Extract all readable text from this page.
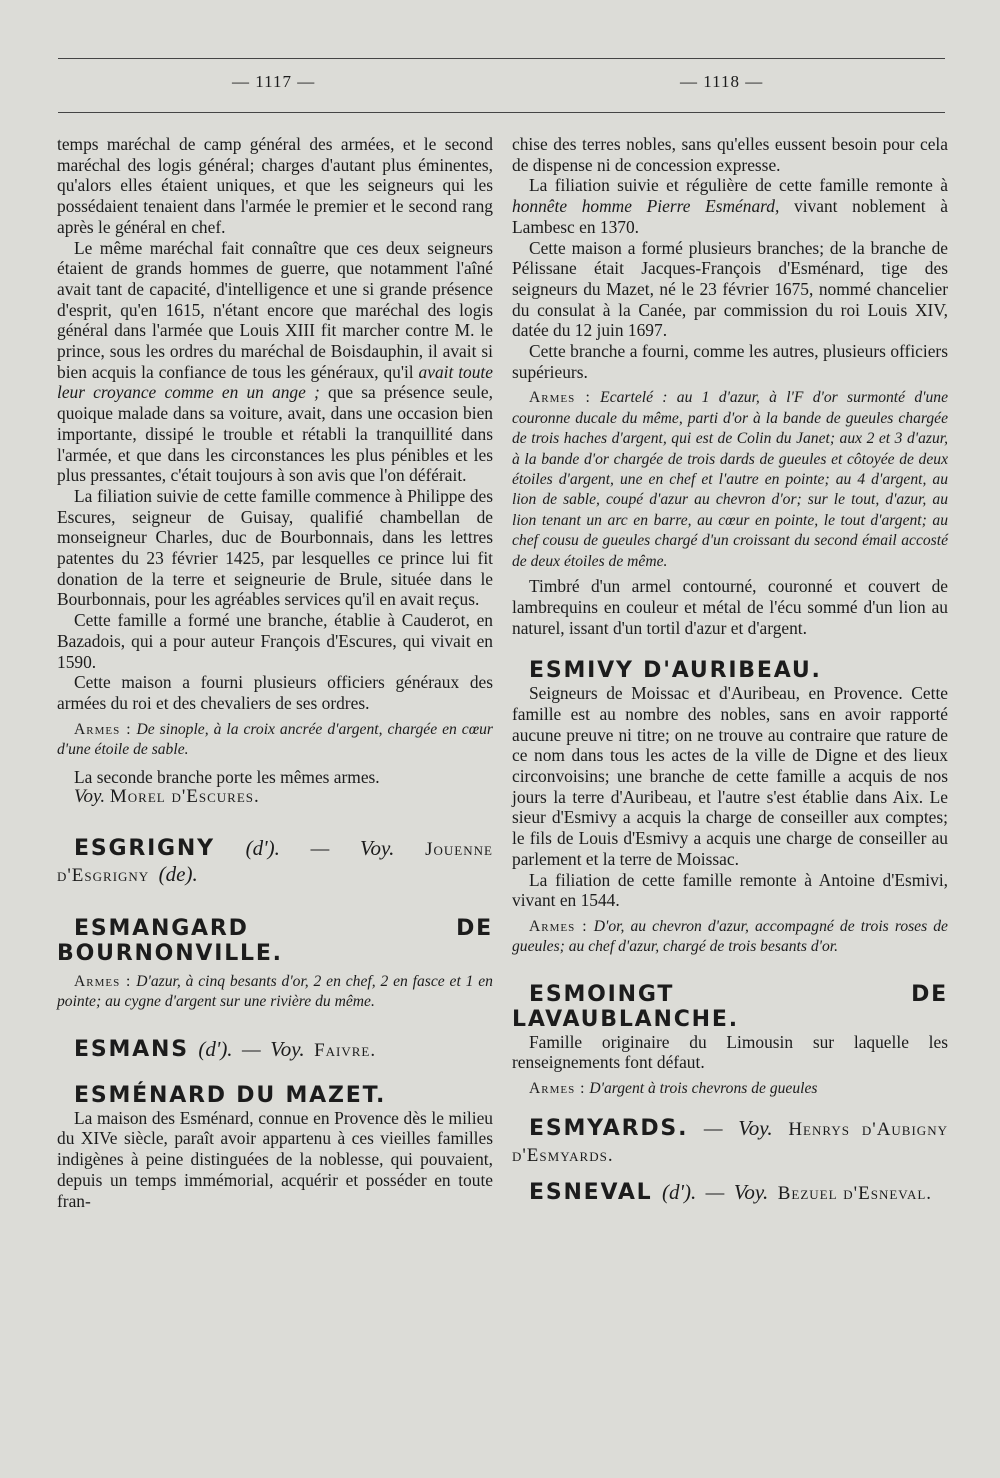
— 1117 —	— 1118 —

temps maréchal de camp général des armées, et le second maréchal des logis général; charges d'autant plus éminentes, qu'alors elles étaient uniques, et que les seigneurs qui les possédaient tenaient dans l'armée le premier et le second rang après le général en chef.

Le même maréchal fait connaître que ces deux seigneurs étaient de grands hommes de guerre, que notamment l'aîné avait tant de capacité, d'intelligence et une si grande présence d'esprit, qu'en 1615, n'étant encore que maréchal des logis général dans l'armée que Louis XIII fit marcher contre M. le prince, sous les ordres du maréchal de Boisdauphin, il avait si bien acquis la confiance de tous les généraux, qu'il avait toute leur croyance comme en un ange ; que sa présence seule, quoique malade dans sa voiture, avait, dans une occasion bien importante, dissipé le trouble et rétabli la tranquillité dans l'armée, et que dans les circonstances les plus pénibles et les plus pressantes, c'était toujours à son avis que l'on déférait.

La filiation suivie de cette famille commence à Philippe des Escures, seigneur de Guisay, qualifié chambellan de monseigneur Charles, duc de Bourbonnais, dans les lettres patentes du 23 février 1425, par lesquelles ce prince lui fit donation de la terre et seigneurie de Brule, située dans le Bourbonnais, pour les agréables services qu'il en avait reçus.

Cette famille a formé une branche, établie à Cauderot, en Bazadois, qui a pour auteur François d'Escures, qui vivait en 1590.

Cette maison a fourni plusieurs officiers généraux des armées du roi et des chevaliers de ses ordres.

Armes : De sinople, à la croix ancrée d'argent, chargée en cœur d'une étoile de sable.

La seconde branche porte les mêmes armes.

Voy. Morel d'Escures.

ESGRIGNY (d'). — Voy. Jouenne d'Esgrigny (de).

ESMANGARD DE BOURNONVILLE.

Armes : D'azur, à cinq besants d'or, 2 en chef, 2 en fasce et 1 en pointe; au cygne d'argent sur une rivière du même.

ESMANS (d'). — Voy. Faivre.

ESMÉNARD DU MAZET.

La maison des Esménard, connue en Provence dès le milieu du XIVe siècle, paraît avoir appartenu à ces vieilles familles indigènes à peine distinguées de la noblesse, qui pouvaient, depuis un temps immémorial, acquérir et posséder en toute fran-

chise des terres nobles, sans qu'elles eussent besoin pour cela de dispense ni de concession expresse.

La filiation suivie et régulière de cette famille remonte à honnête homme Pierre Esménard, vivant noblement à Lambesc en 1370.

Cette maison a formé plusieurs branches; de la branche de Pélissane était Jacques-François d'Esménard, tige des seigneurs du Mazet, né le 23 février 1675, nommé chancelier du consulat à la Canée, par commission du roi Louis XIV, datée du 12 juin 1697.

Cette branche a fourni, comme les autres, plusieurs officiers supérieurs.

Armes : Ecartelé : au 1 d'azur, à l'F d'or surmonté d'une couronne ducale du même, parti d'or à la bande de gueules chargée de trois haches d'argent, qui est de Colin du Janet; aux 2 et 3 d'azur, à la bande d'or chargée de trois dards de gueules et côtoyée de deux étoiles d'argent, une en chef et l'autre en pointe; au 4 d'argent, au lion de sable, coupé d'azur au chevron d'or; sur le tout, d'azur, au lion tenant un arc en barre, au cœur en pointe, le tout d'argent; au chef cousu de gueules chargé d'un croissant du second émail accosté de deux étoiles de même.

Timbré d'un armel contourné, couronné et couvert de lambrequins en couleur et métal de l'écu sommé d'un lion au naturel, issant d'un tortil d'azur et d'argent.

ESMIVY D'AURIBEAU.

Seigneurs de Moissac et d'Auribeau, en Provence. Cette famille est au nombre des nobles, sans en avoir rapporté aucune preuve ni titre; on ne trouve au contraire que rature de ce nom dans tous les actes de la ville de Digne et des lieux circonvoisins; une branche de cette famille a acquis de nos jours la terre d'Auribeau, et l'autre s'est établie dans Aix. Le sieur d'Esmivy a acquis la charge de conseiller aux comptes; le fils de Louis d'Esmivy a acquis une charge de conseiller au parlement et la terre de Moissac.

La filiation de cette famille remonte à Antoine d'Esmivi, vivant en 1544.

Armes : D'or, au chevron d'azur, accompagné de trois roses de gueules; au chef d'azur, chargé de trois besants d'or.

ESMOINGT DE LAVAUBLANCHE.

Famille originaire du Limousin sur laquelle les renseignements font défaut.

Armes : D'argent à trois chevrons de gueules

ESMYARDS. — Voy. Henrys d'Aubigny d'Esmyards.

ESNEVAL (d'). — Voy. Bezuel d'Esneval.
